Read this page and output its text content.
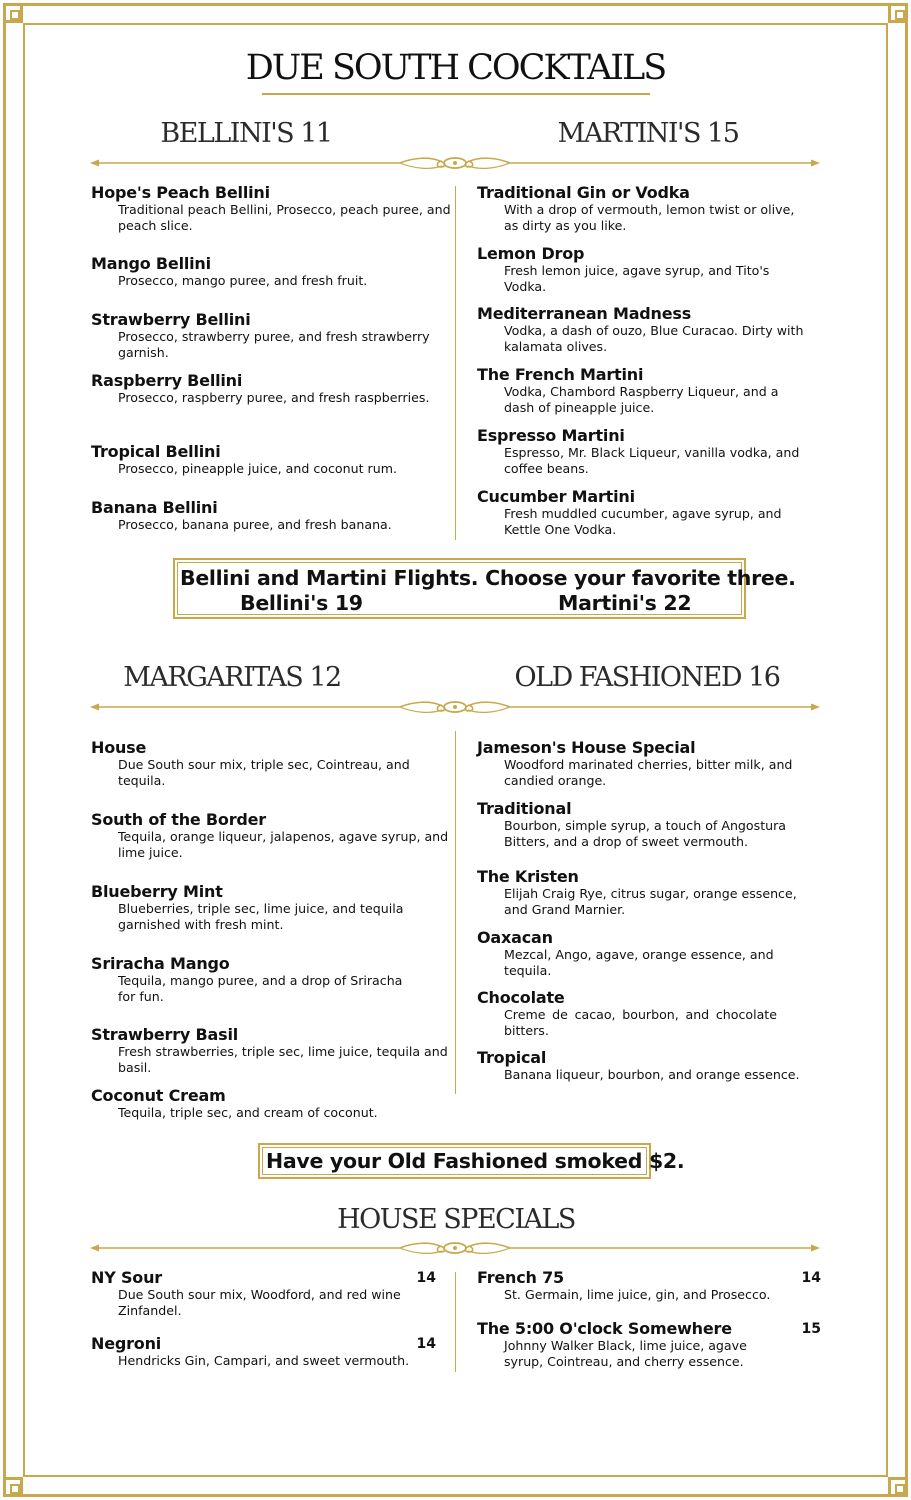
DUE SOUTH COCKTAILS
BELLINI'S 11	MARTINI'S 15
Hope's Peach Bellini
Traditional peach Bellini, Prosecco, peach puree, and peach slice.
Mango Bellini
Prosecco, mango puree, and fresh fruit.
Strawberry Bellini
Prosecco, strawberry puree, and fresh strawberry garnish.
Raspberry Bellini
Prosecco, raspberry puree, and fresh raspberries.
Tropical Bellini
Prosecco, pineapple juice, and coconut rum.
Banana Bellini
Prosecco, banana puree, and fresh banana.
Traditional Gin or Vodka
With a drop of vermouth, lemon twist or olive, as dirty as you like.
Lemon Drop
Fresh lemon juice, agave syrup, and Tito's Vodka.
Mediterranean Madness
Vodka, a dash of ouzo, Blue Curacao. Dirty with kalamata olives.
The French Martini
Vodka, Chambord Raspberry Liqueur, and a dash of pineapple juice.
Espresso Martini
Espresso, Mr. Black Liqueur, vanilla vodka, and coffee beans.
Cucumber Martini
Fresh muddled cucumber, agave syrup, and Kettle One Vodka.
Bellini and Martini Flights. Choose your favorite three.
Bellini's 19	Martini's 22
MARGARITAS 12	OLD FASHIONED 16
House
Due South sour mix, triple sec, Cointreau, and tequila.
South of the Border
Tequila, orange liqueur, jalapenos, agave syrup, and lime juice.
Blueberry Mint
Blueberries, triple sec, lime juice, and tequila garnished with fresh mint.
Sriracha Mango
Tequila, mango puree, and a drop of Sriracha for fun.
Strawberry Basil
Fresh strawberries, triple sec, lime juice, tequila and basil.
Coconut Cream
Tequila, triple sec, and cream of coconut.
Jameson's House Special
Woodford marinated cherries, bitter milk, and candied orange.
Traditional
Bourbon, simple syrup, a touch of Angostura Bitters, and a drop of sweet vermouth.
The Kristen
Elijah Craig Rye, citrus sugar, orange essence, and Grand Marnier.
Oaxacan
Mezcal, Ango, agave, orange essence, and tequila.
Chocolate
Creme de cacao, bourbon, and chocolate bitters.
Tropical
Banana liqueur, bourbon, and orange essence.
Have your Old Fashioned smoked $2.
HOUSE SPECIALS
NY Sour	14
Due South sour mix, Woodford, and red wine Zinfandel.
Negroni	14
Hendricks Gin, Campari, and sweet vermouth.
French 75	14
St. Germain, lime juice, gin, and Prosecco.
The 5:00 O'clock Somewhere	15
Johnny Walker Black, lime juice, agave syrup, Cointreau, and cherry essence.
